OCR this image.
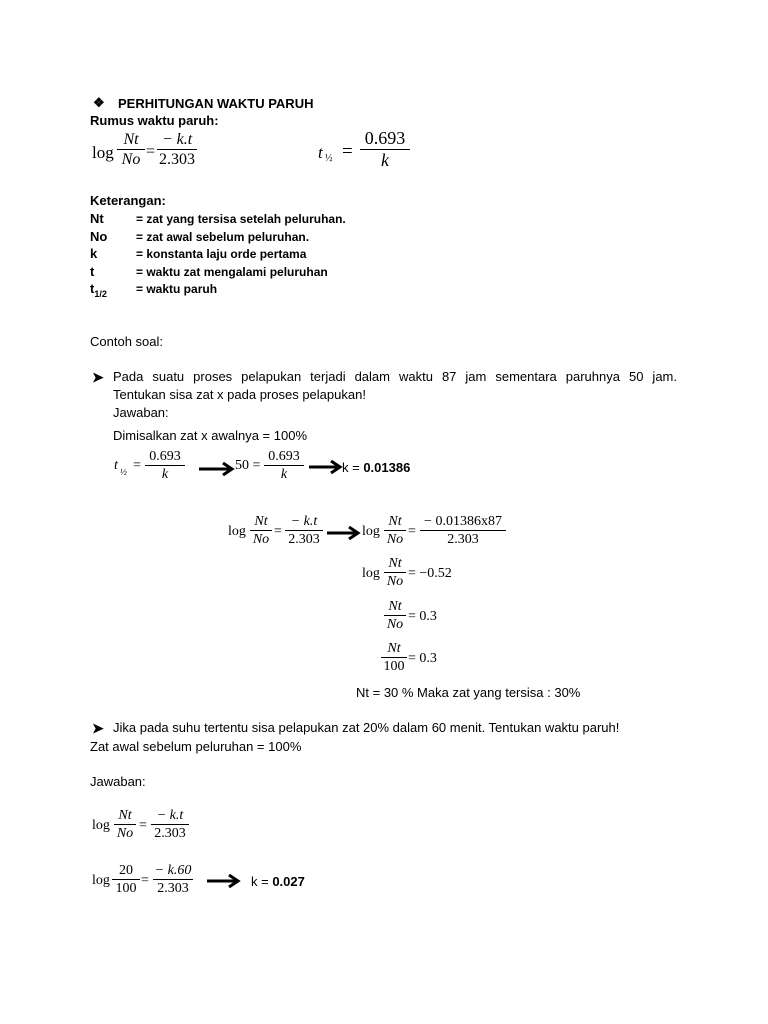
❖ PERHITUNGAN WAKTU PARUH
Rumus waktu paruh:
log
Nt
No =
− k.t
2.303	t ½ =
0.693
k
Keterangan:
Nt	= zat yang tersisa setelah peluruhan.
No = zat awal sebelum peluruhan.
k	= konstanta laju orde pertama
t	= waktu zat mengalami peluruhan
$t_{1/2}$ = waktu paruh
Contoh soal:
➤ Pada suatu proses pelapukan terjadi dalam waktu 87 jam sementara paruhnya 50 jam.
Tentukan sisa zat x pada proses pelapukan!
Jawaban:
Dimisalkan zat x awalnya = 100%
t ½ =
0.693
k
50 =
0.693
k	k = 0.01386
log
Nt
No
=
− k.t
2.303
log
Nt
No
=
− 0.01386x87
2.303
log
Nt
No
= −0.52
Nt
No
= 0.3
Nt
100
= 0.3
Nt = 30 % Maka zat yang tersisa : 30%
➤ Jika pada suhu tertentu sisa pelapukan zat 20% dalam 60 menit. Tentukan waktu paruh!
Zat awal sebelum peluruhan = 100%
Jawaban:
log
Nt
No
=
− k.t
2.303
log
20
100
=
− k.60
2.303	k = 0.027
